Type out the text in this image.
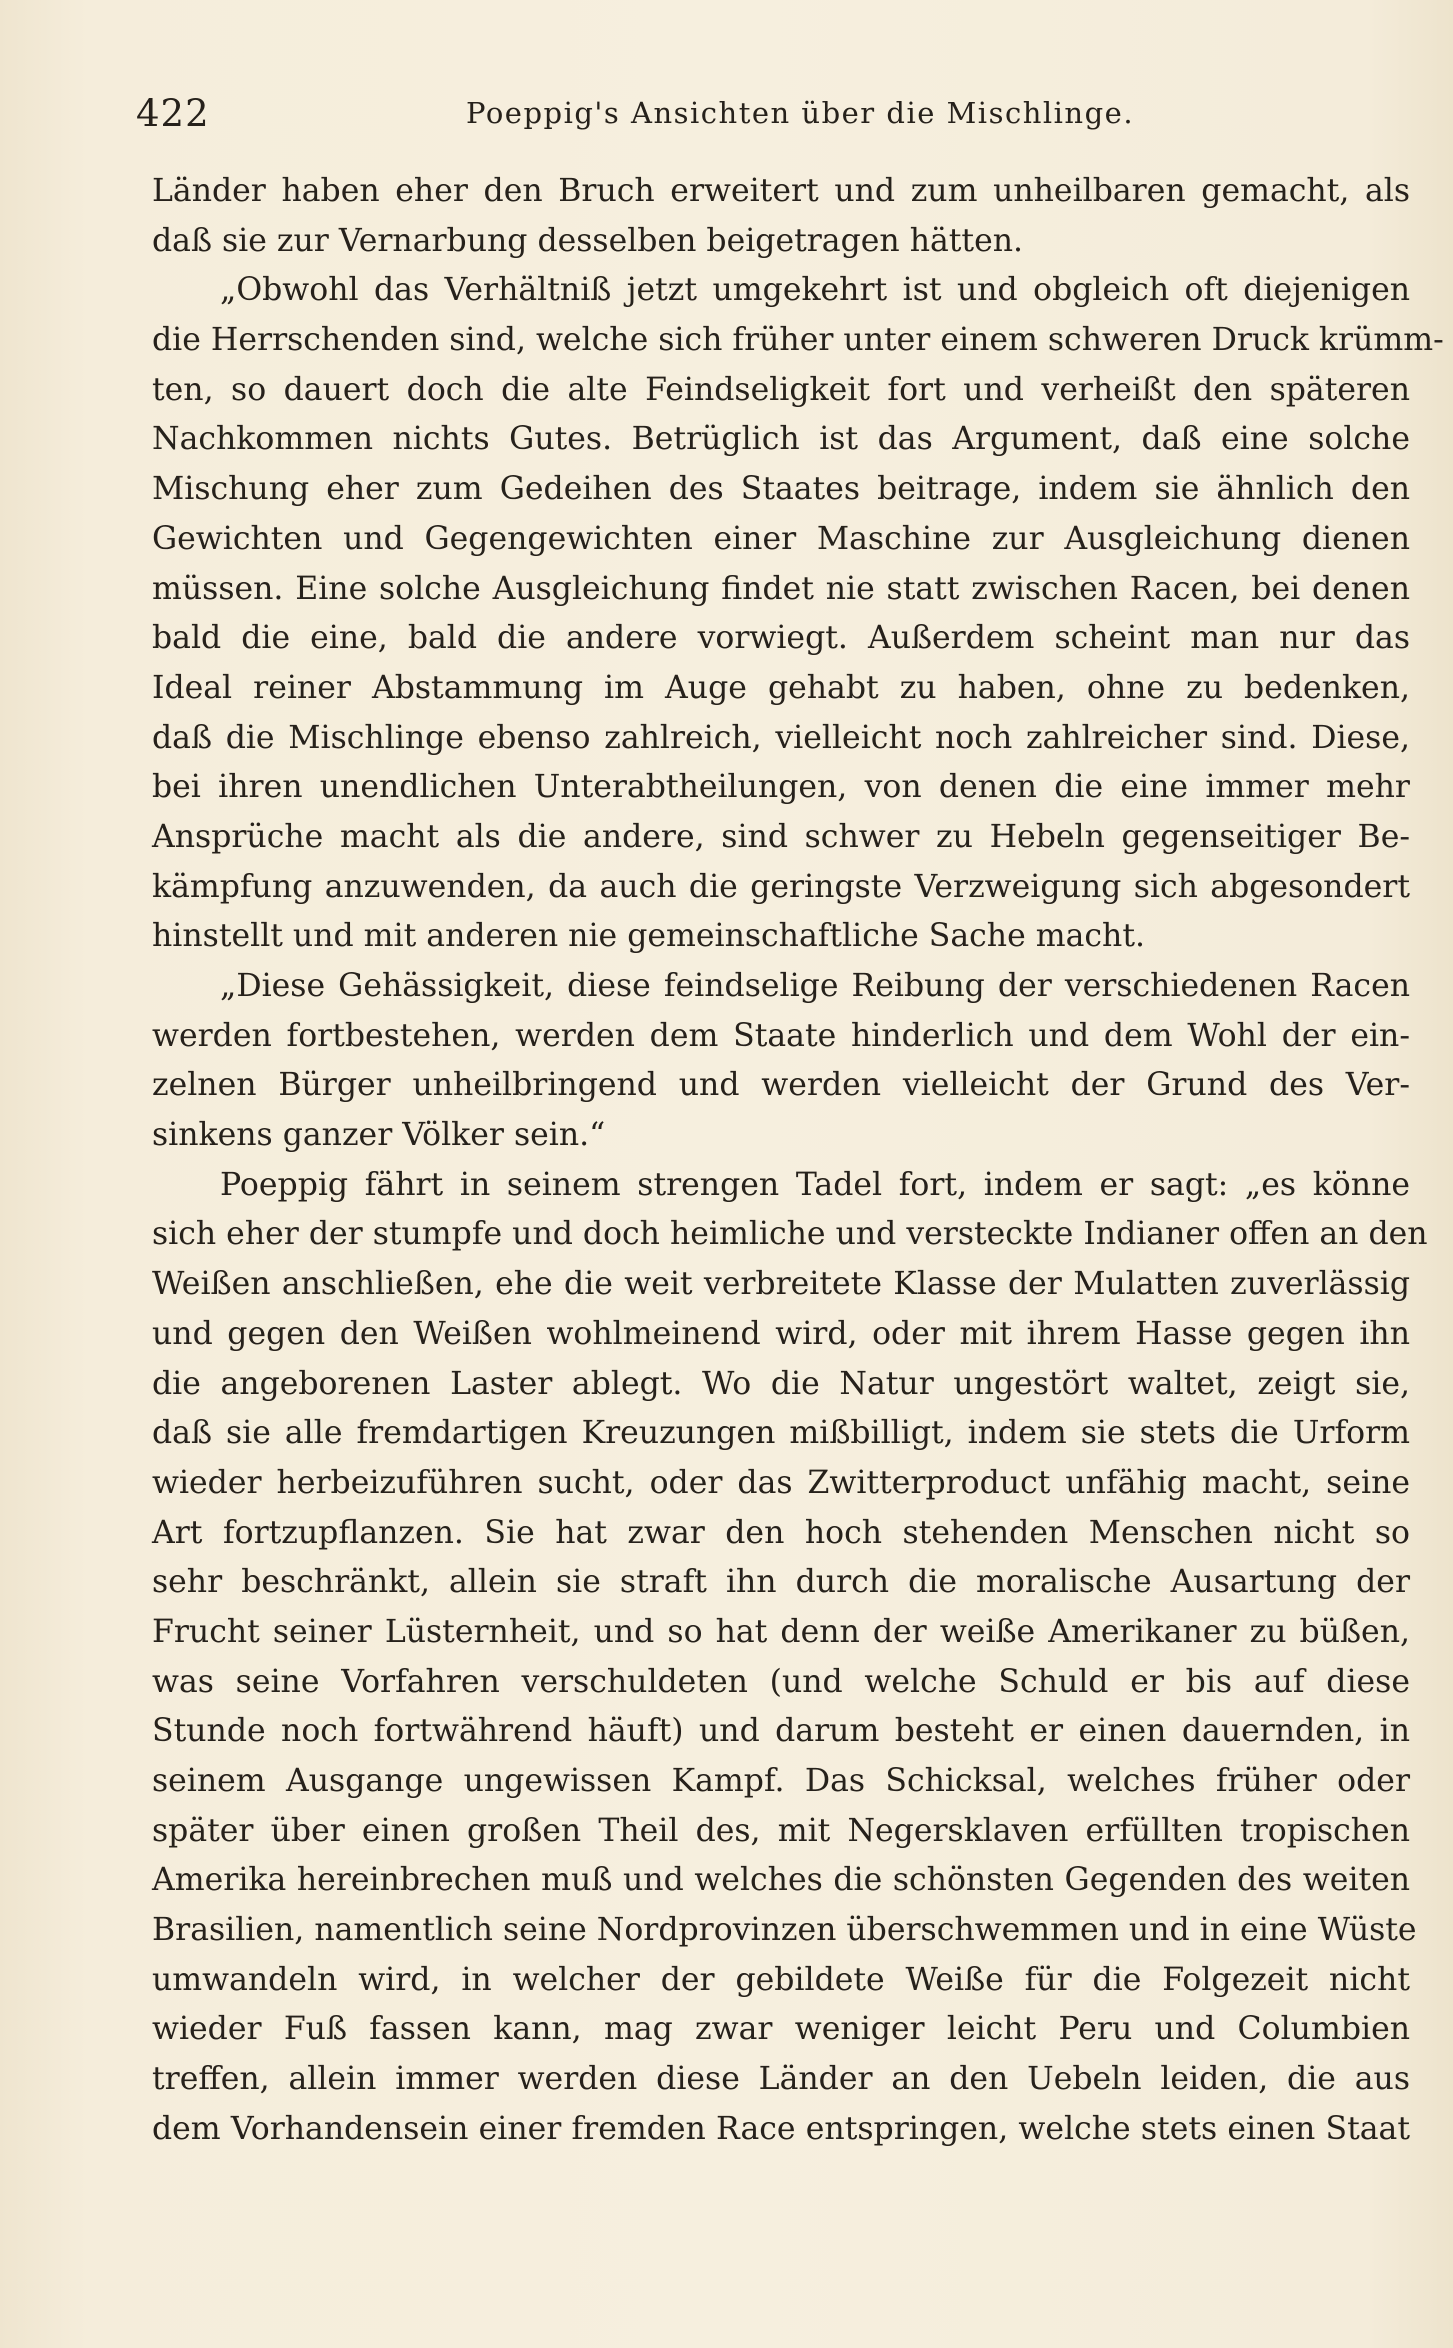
422	Poeppig's Ansichten über die Mischlinge.
Länder haben eher den Bruch erweitert und zum unheilbaren gemacht, als
daß sie zur Vernarbung desselben beigetragen hätten.
„Obwohl das Verhältniß jetzt umgekehrt ist und obgleich oft diejenigen
die Herrschenden sind, welche sich früher unter einem schweren Druck krümm-
ten, so dauert doch die alte Feindseligkeit fort und verheißt den späteren
Nachkommen nichts Gutes. Betrüglich ist das Argument, daß eine solche
Mischung eher zum Gedeihen des Staates beitrage, indem sie ähnlich den
Gewichten und Gegengewichten einer Maschine zur Ausgleichung dienen
müssen. Eine solche Ausgleichung findet nie statt zwischen Racen, bei denen
bald die eine, bald die andere vorwiegt. Außerdem scheint man nur das
Ideal reiner Abstammung im Auge gehabt zu haben, ohne zu bedenken,
daß die Mischlinge ebenso zahlreich, vielleicht noch zahlreicher sind. Diese,
bei ihren unendlichen Unterabtheilungen, von denen die eine immer mehr
Ansprüche macht als die andere, sind schwer zu Hebeln gegenseitiger Be-
kämpfung anzuwenden, da auch die geringste Verzweigung sich abgesondert
hinstellt und mit anderen nie gemeinschaftliche Sache macht.
„Diese Gehässigkeit, diese feindselige Reibung der verschiedenen Racen
werden fortbestehen, werden dem Staate hinderlich und dem Wohl der ein-
zelnen Bürger unheilbringend und werden vielleicht der Grund des Ver-
sinkens ganzer Völker sein.“
Poeppig fährt in seinem strengen Tadel fort, indem er sagt: „es könne
sich eher der stumpfe und doch heimliche und versteckte Indianer offen an den
Weißen anschließen, ehe die weit verbreitete Klasse der Mulatten zuverlässig
und gegen den Weißen wohlmeinend wird, oder mit ihrem Hasse gegen ihn
die angeborenen Laster ablegt. Wo die Natur ungestört waltet, zeigt sie,
daß sie alle fremdartigen Kreuzungen mißbilligt, indem sie stets die Urform
wieder herbeizuführen sucht, oder das Zwitterproduct unfähig macht, seine
Art fortzupflanzen. Sie hat zwar den hoch stehenden Menschen nicht so
sehr beschränkt, allein sie straft ihn durch die moralische Ausartung der
Frucht seiner Lüsternheit, und so hat denn der weiße Amerikaner zu büßen,
was seine Vorfahren verschuldeten (und welche Schuld er bis auf diese
Stunde noch fortwährend häuft) und darum besteht er einen dauernden, in
seinem Ausgange ungewissen Kampf. Das Schicksal, welches früher oder
später über einen großen Theil des, mit Negersklaven erfüllten tropischen
Amerika hereinbrechen muß und welches die schönsten Gegenden des weiten
Brasilien, namentlich seine Nordprovinzen überschwemmen und in eine Wüste
umwandeln wird, in welcher der gebildete Weiße für die Folgezeit nicht
wieder Fuß fassen kann, mag zwar weniger leicht Peru und Columbien
treffen, allein immer werden diese Länder an den Uebeln leiden, die aus
dem Vorhandensein einer fremden Race entspringen, welche stets einen Staat
